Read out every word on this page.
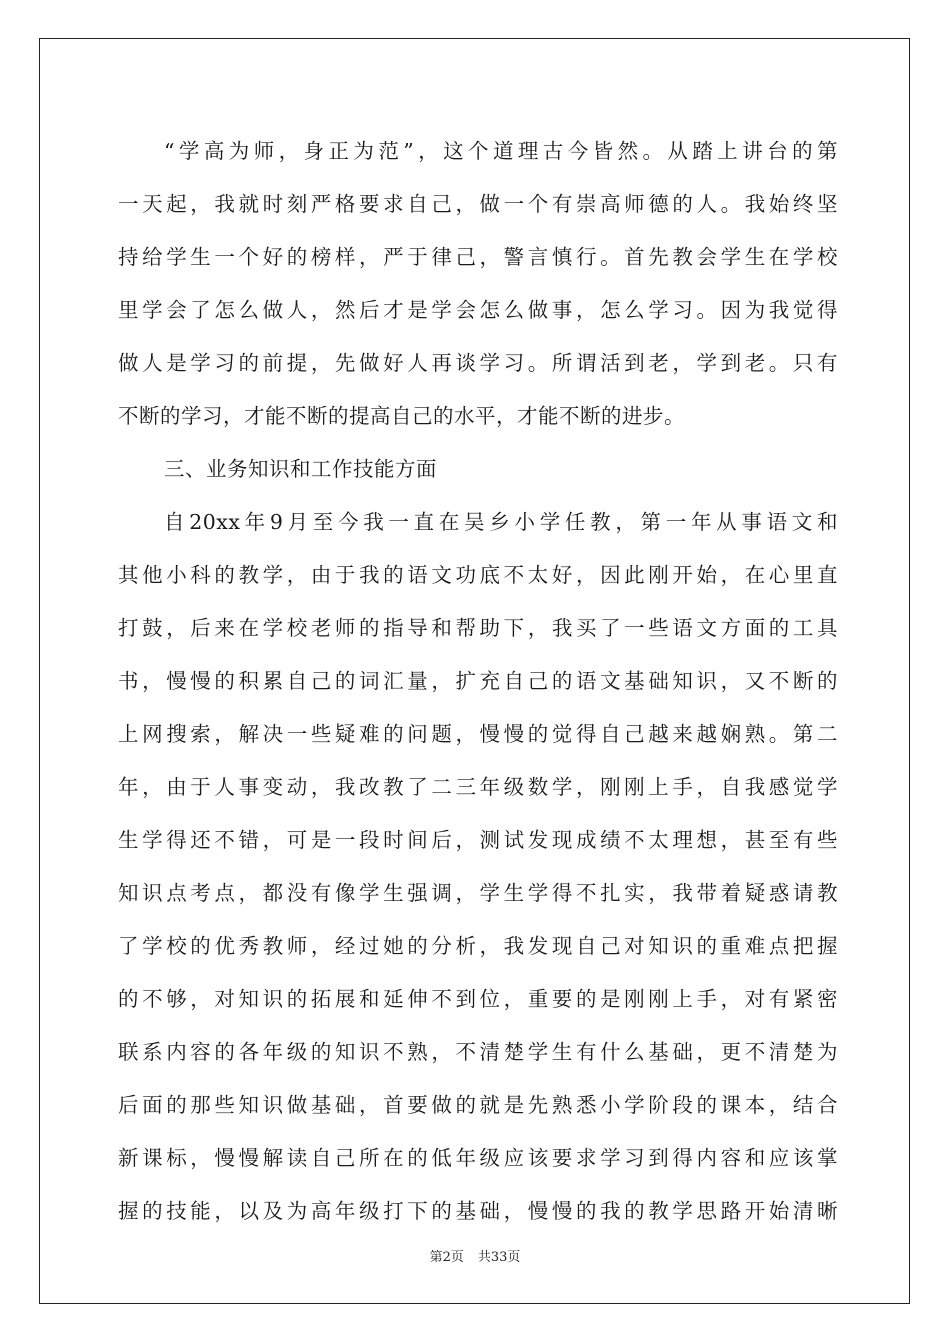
“学高为师，身正为范”，这个道理古今皆然。从踏上讲台的第
一天起，我就时刻严格要求自己，做一个有崇高师德的人。我始终坚
持给学生一个好的榜样，严于律己，警言慎行。首先教会学生在学校
里学会了怎么做人，然后才是学会怎么做事，怎么学习。因为我觉得
做人是学习的前提，先做好人再谈学习。所谓活到老，学到老。只有
不断的学习，才能不断的提高自己的水平，才能不断的进步。
三、业务知识和工作技能方面
自20xx年9月至今我一直在吴乡小学任教，第一年从事语文和
其他小科的教学，由于我的语文功底不太好，因此刚开始，在心里直
打鼓，后来在学校老师的指导和帮助下，我买了一些语文方面的工具
书，慢慢的积累自己的词汇量，扩充自己的语文基础知识，又不断的
上网搜索，解决一些疑难的问题，慢慢的觉得自己越来越娴熟。第二
年，由于人事变动，我改教了二三年级数学，刚刚上手，自我感觉学
生学得还不错，可是一段时间后，测试发现成绩不太理想，甚至有些
知识点考点，都没有像学生强调，学生学得不扎实，我带着疑惑请教
了学校的优秀教师，经过她的分析，我发现自己对知识的重难点把握
的不够，对知识的拓展和延伸不到位，重要的是刚刚上手，对有紧密
联系内容的各年级的知识不熟，不清楚学生有什么基础，更不清楚为
后面的那些知识做基础，首要做的就是先熟悉小学阶段的课本，结合
新课标，慢慢解读自己所在的低年级应该要求学习到得内容和应该掌
握的技能，以及为高年级打下的基础，慢慢的我的教学思路开始清晰
第2页 共33页
